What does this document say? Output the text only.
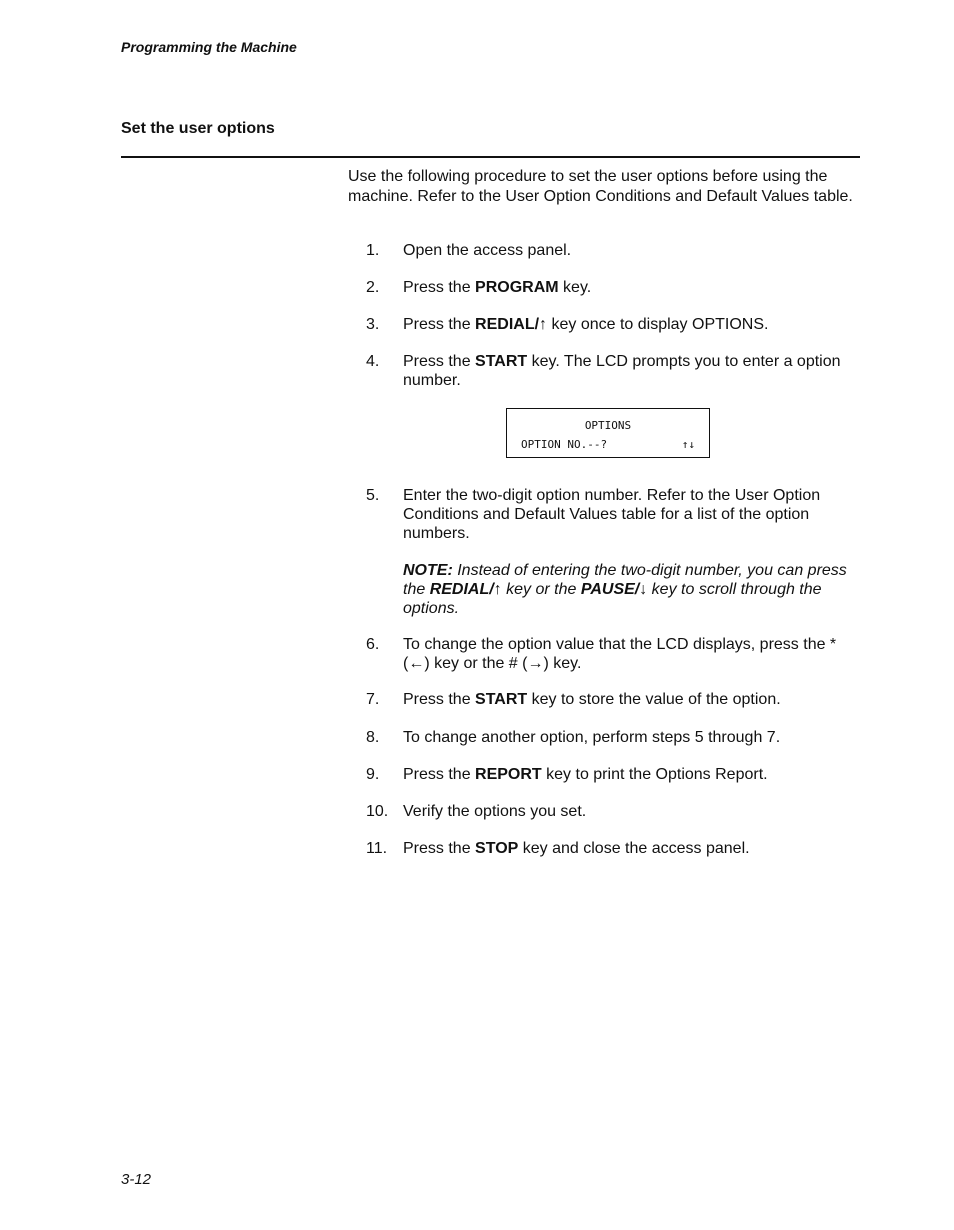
Programming the Machine
Set the user options
Use the following procedure to set the user options before using the machine. Refer to the User Option Conditions and Default Values table.
1. Open the access panel.
2. Press the PROGRAM key.
3. Press the REDIAL/↑ key once to display OPTIONS.
4. Press the START key. The LCD prompts you to enter a option number.
OPTIONS
OPTION NO.--?	↑↓
5. Enter the two-digit option number. Refer to the User Option Conditions and Default Values table for a list of the option numbers.
NOTE: Instead of entering the two-digit number, you can press the REDIAL/↑ key or the PAUSE/↓ key to scroll through the options.
6. To change the option value that the LCD displays, press the * (←) key or the # (→) key.
7. Press the START key to store the value of the option.
8. To change another option, perform steps 5 through 7.
9. Press the REPORT key to print the Options Report.
10. Verify the options you set.
11. Press the STOP key and close the access panel.
3-12
